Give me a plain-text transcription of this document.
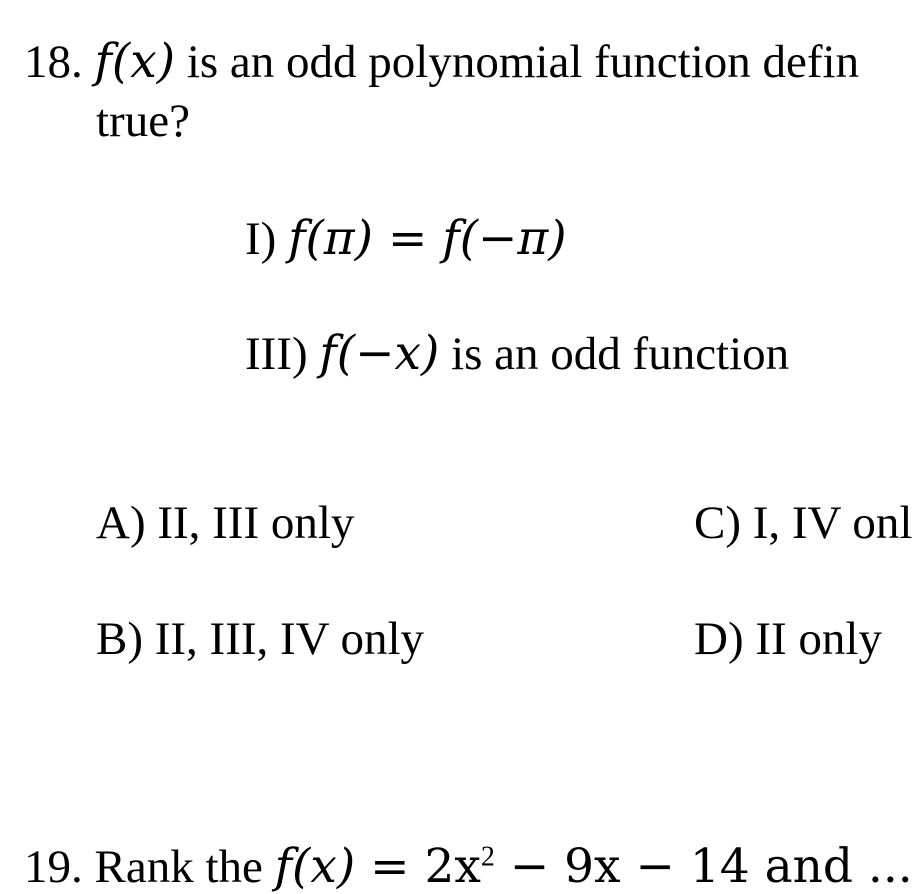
18. f(x) is an odd polynomial function defin
true?
I) f(π) = f(−π)
III) f(−x) is an odd function
A) II, III only
B) II, III, IV only
C) I, IV onl
D) II only
19. Rank the $f(x) = 2x^2 - 9x - 14$ and ...
